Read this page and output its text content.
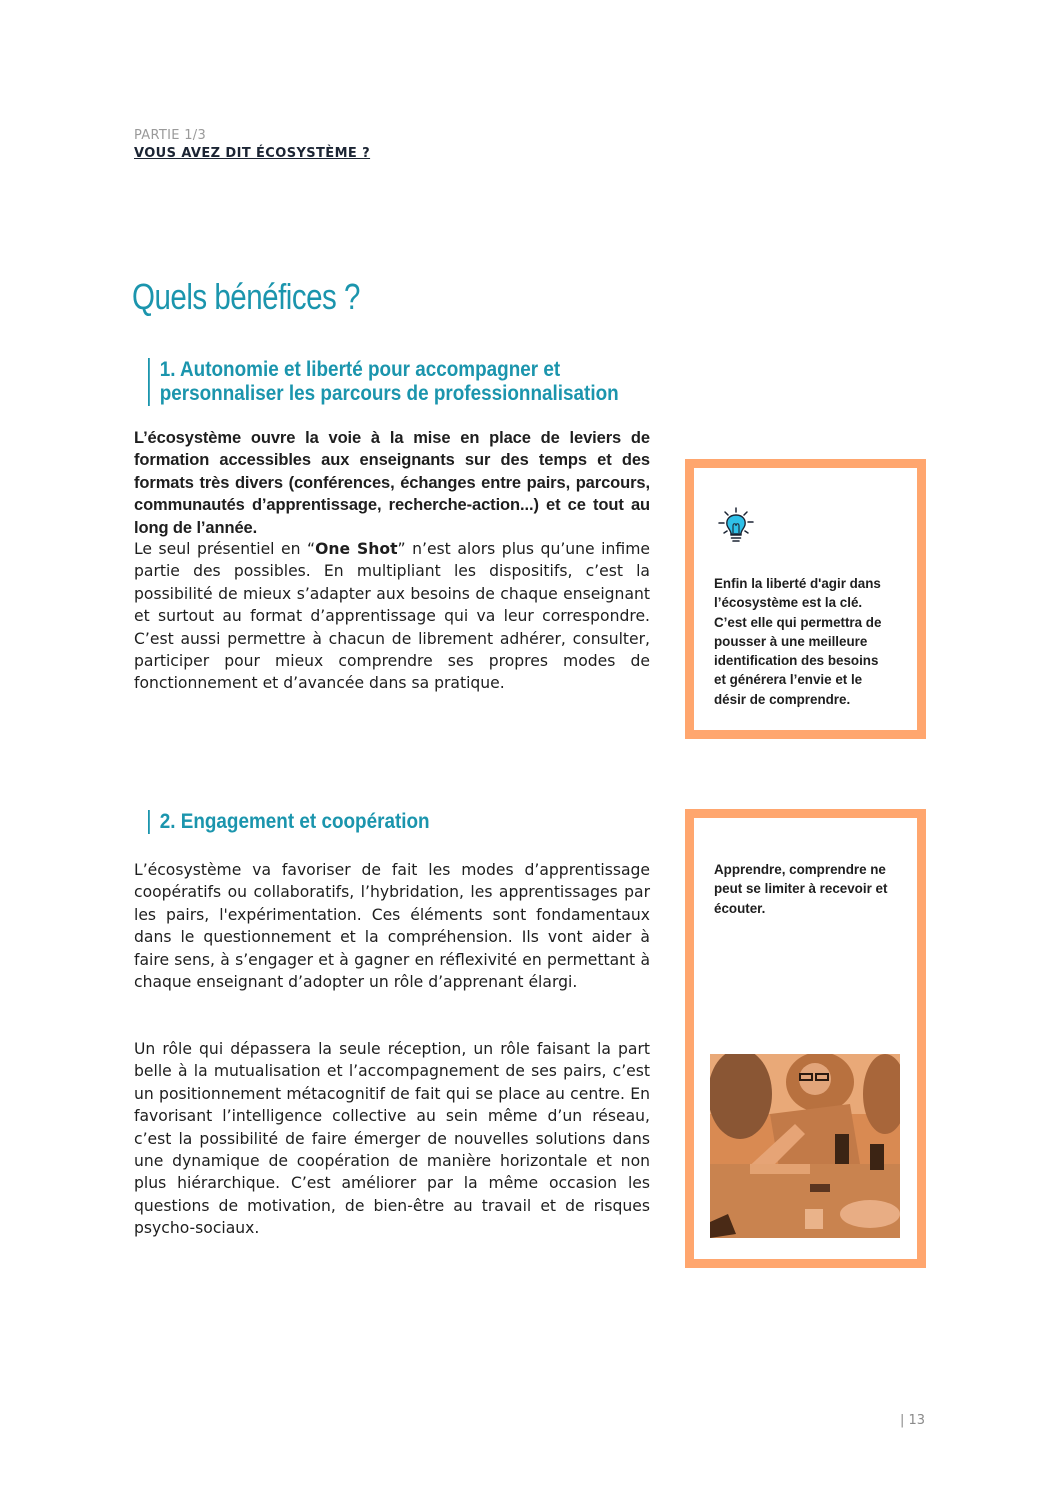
PARTIE 1/3
VOUS AVEZ DIT ÉCOSYSTÈME ?
Quels bénéfices ?
1. Autonomie et liberté pour accompagner et personnaliser les parcours de professionnalisation

L’écosystème ouvre la voie à la mise en place de leviers de formation accessibles aux enseignants sur des temps et des formats très divers (conférences, échanges entre pairs, parcours, communautés d’apprentissage, recherche-action...) et ce tout au long de l’année.

Le seul présentiel en “One Shot” n’est alors plus qu’une infime partie des possibles. En multipliant les dispositifs, c’est la possibilité de mieux s’adapter aux besoins de chaque enseignant et surtout au format d’apprentissage qui va leur correspondre. C’est aussi permettre à chacun de librement adhérer, consulter, participer pour mieux comprendre ses propres modes de fonctionnement et d’avancée dans sa pratique.

Enfin la liberté d'agir dans l’écosystème est la clé. C’est elle qui permettra de pousser à une meilleure identification des besoins et générera l’envie et le désir de comprendre.
2. Engagement et coopération

L’écosystème va favoriser de fait les modes d’apprentissage coopératifs ou collaboratifs, l’hybridation, les apprentissages par les pairs, l'expérimentation. Ces éléments sont fondamentaux dans le questionnement et la compréhension. Ils vont aider à faire sens, à s’engager et à gagner en réflexivité en permettant à chaque enseignant d’adopter un rôle d’apprenant élargi.

Un rôle qui dépassera la seule réception, un rôle faisant la part belle à la mutualisation et l’accompagnement de ses pairs, c’est un positionnement métacognitif de fait qui se place au centre. En favorisant l’intelligence collective au sein même d’un réseau, c’est la possibilité de faire émerger de nouvelles solutions dans une dynamique de coopération de manière horizontale et non plus hiérarchique. C’est améliorer par la même occasion les questions de motivation, de bien-être au travail et de risques psycho-sociaux.

Apprendre, comprendre ne peut se limiter à recevoir et écouter.
| 13
